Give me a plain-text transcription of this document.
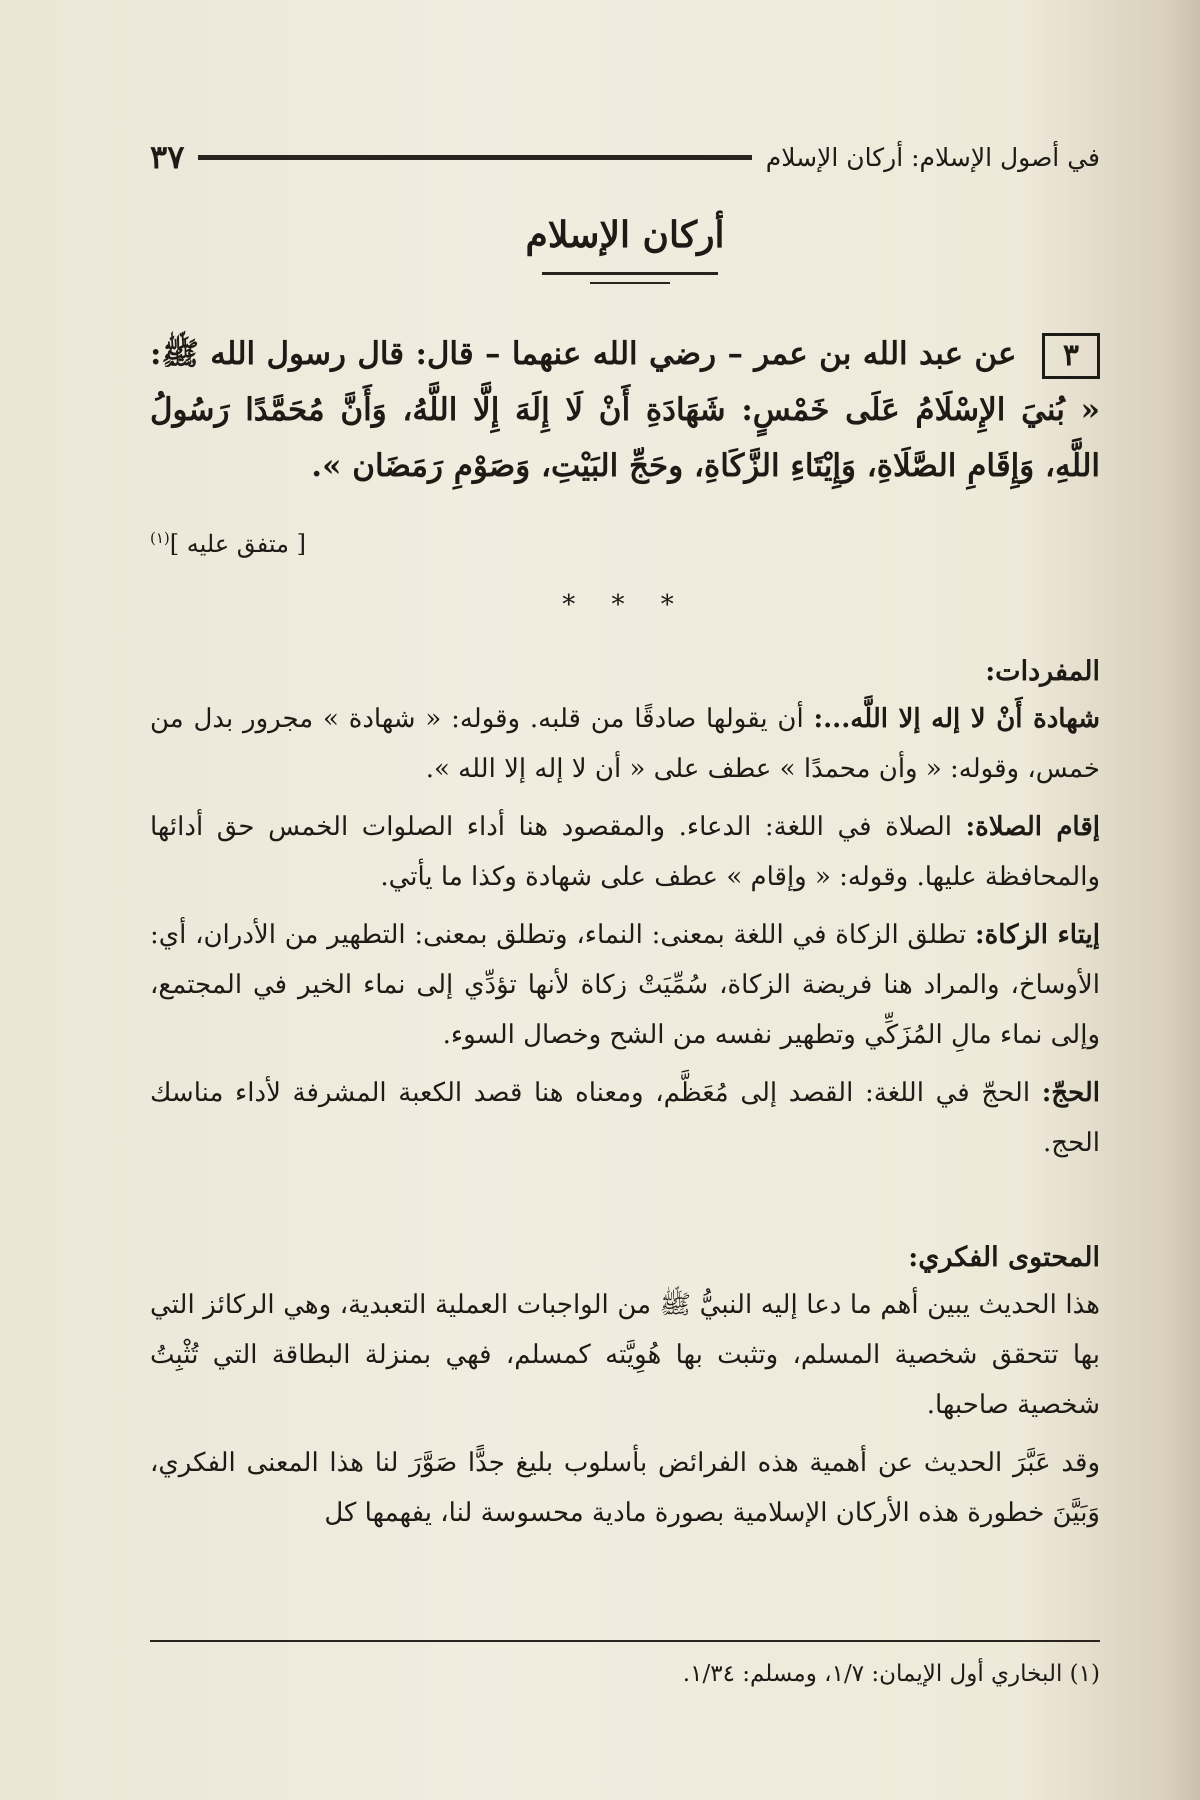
في أصول الإسلام: أركان الإسلام
٣٧
أركان الإسلام
٣ عن عبد الله بن عمر – رضي الله عنهما – قال: قال رسول الله ﷺ: « بُنيَ الإِسْلَامُ عَلَى خَمْسٍ: شَهَادَةِ أَنْ لَا إِلَهَ إِلَّا اللَّهُ، وَأَنَّ مُحَمَّدًا رَسُولُ اللَّهِ، وَإِقَامِ الصَّلَاةِ، وَإِيْتَاءِ الزَّكَاةِ، وحَجِّ البَيْتِ، وَصَوْمِ رَمَضَان ».
[ متفق عليه ]$^{(١)}$
* * *

المفردات:

شهادة أَنْ لا إله إلا اللَّه...: أن يقولها صادقًا من قلبه. وقوله: « شهادة » مجرور بدل من خمس، وقوله: « وأن محمدًا » عطف على « أن لا إله إلا الله ».

إقام الصلاة: الصلاة في اللغة: الدعاء. والمقصود هنا أداء الصلوات الخمس حق أدائها والمحافظة عليها. وقوله: « وإقام » عطف على شهادة وكذا ما يأتي.

إيتاء الزكاة: تطلق الزكاة في اللغة بمعنى: النماء، وتطلق بمعنى: التطهير من الأدران، أي: الأوساخ، والمراد هنا فريضة الزكاة، سُمِّيَتْ زكاة لأنها تؤدِّي إلى نماء الخير في المجتمع، وإلى نماء مالِ المُزَكِّي وتطهير نفسه من الشح وخصال السوء.

الحجّ: الحجّ في اللغة: القصد إلى مُعَظَّم، ومعناه هنا قصد الكعبة المشرفة لأداء مناسك الحج.

المحتوى الفكري:

هذا الحديث يبين أهم ما دعا إليه النبيُّ ﷺ من الواجبات العملية التعبدية، وهي الركائز التي بها تتحقق شخصية المسلم، وتثبت بها هُوِيَّته كمسلم، فهي بمنزلة البطاقة التي تُثْبِتُ شخصية صاحبها.

وقد عَبَّرَ الحديث عن أهمية هذه الفرائض بأسلوب بليغ جدًّا صَوَّرَ لنا هذا المعنى الفكري، وَبَيَّنَ خطورة هذه الأركان الإسلامية بصورة مادية محسوسة لنا، يفهمها كل

(١) البخاري أول الإيمان: ١/٧، ومسلم: ١/٣٤.
